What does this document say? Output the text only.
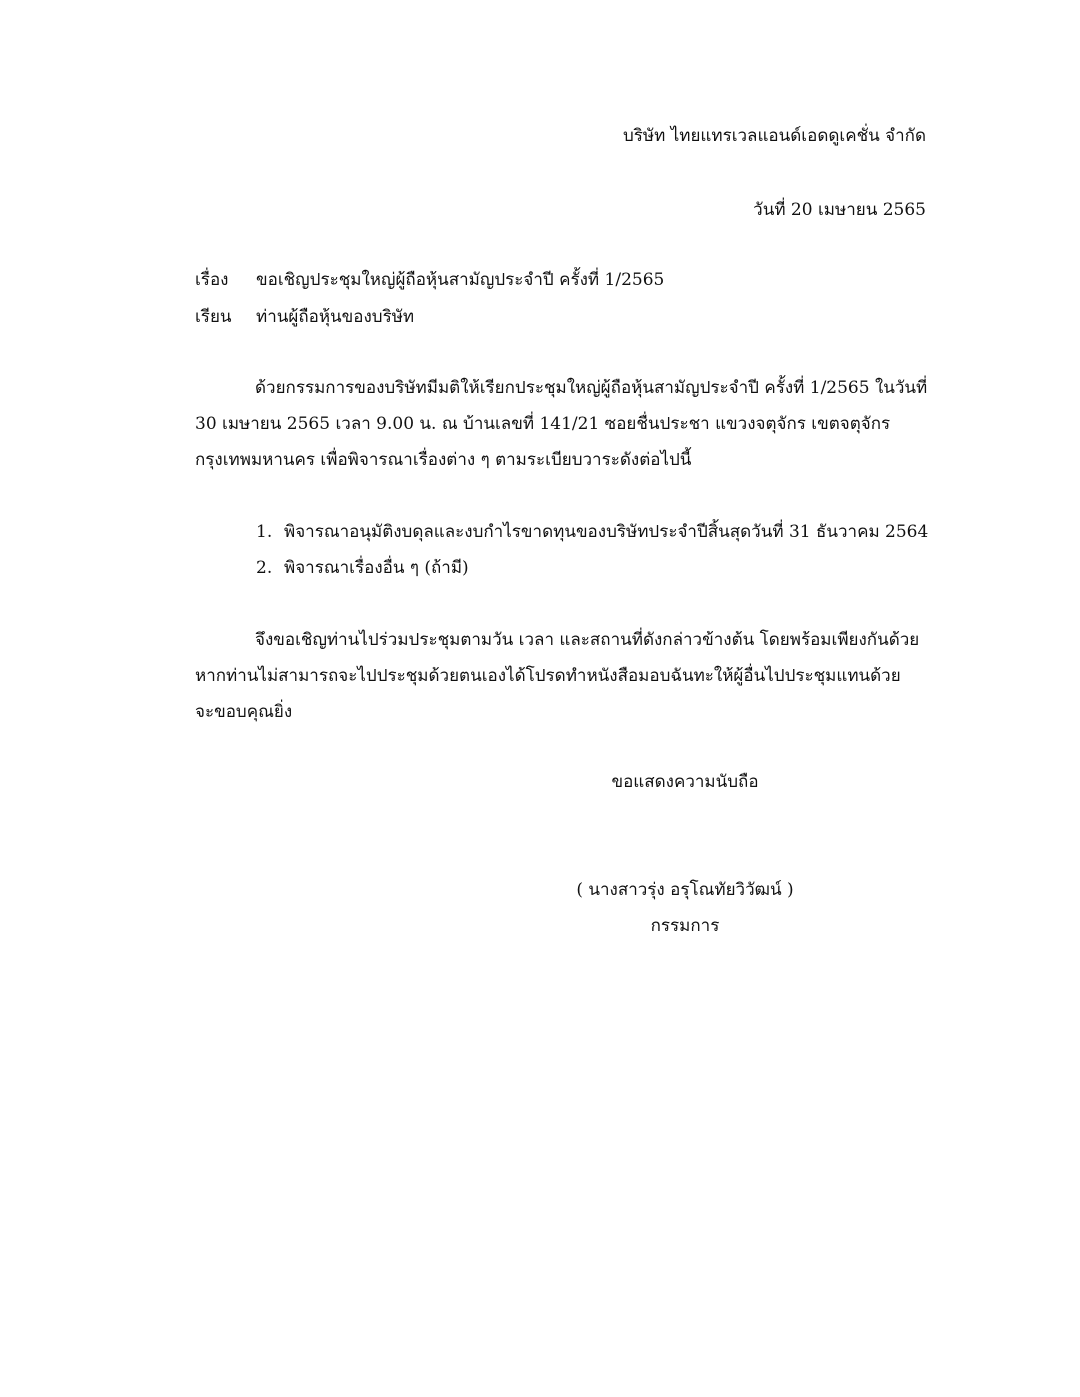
บริษัท ไทยแทรเวลแอนด์เอดดูเคชั่น จำกัด
วันที่ 20 เมษายน 2565
เรื่อง ขอเชิญประชุมใหญ่ผู้ถือหุ้นสามัญประจำปี ครั้งที่ 1/2565
เรียน ท่านผู้ถือหุ้นของบริษัท
ด้วยกรรมการของบริษัทมีมติให้เรียกประชุมใหญ่ผู้ถือหุ้นสามัญประจำปี ครั้งที่ 1/2565 ในวันที่
30 เมษายน 2565 เวลา 9.00 น. ณ บ้านเลขที่ 141/21 ซอยชื่นประชา แขวงจตุจักร เขตจตุจักร
กรุงเทพมหานคร เพื่อพิจารณาเรื่องต่าง ๆ ตามระเบียบวาระดังต่อไปนี้
1. พิจารณาอนุมัติงบดุลและงบกำไรขาดทุนของบริษัทประจำปีสิ้นสุดวันที่ 31 ธันวาคม 2564
2. พิจารณาเรื่องอื่น ๆ (ถ้ามี)
จึงขอเชิญท่านไปร่วมประชุมตามวัน เวลา และสถานที่ดังกล่าวข้างต้น โดยพร้อมเพียงกันด้วย
หากท่านไม่สามารถจะไปประชุมด้วยตนเองได้โปรดทำหนังสือมอบฉันทะให้ผู้อื่นไปประชุมแทนด้วย
จะขอบคุณยิ่ง
ขอแสดงความนับถือ
( นางสาวรุ่ง อรุโณทัยวิวัฒน์ )
กรรมการ
